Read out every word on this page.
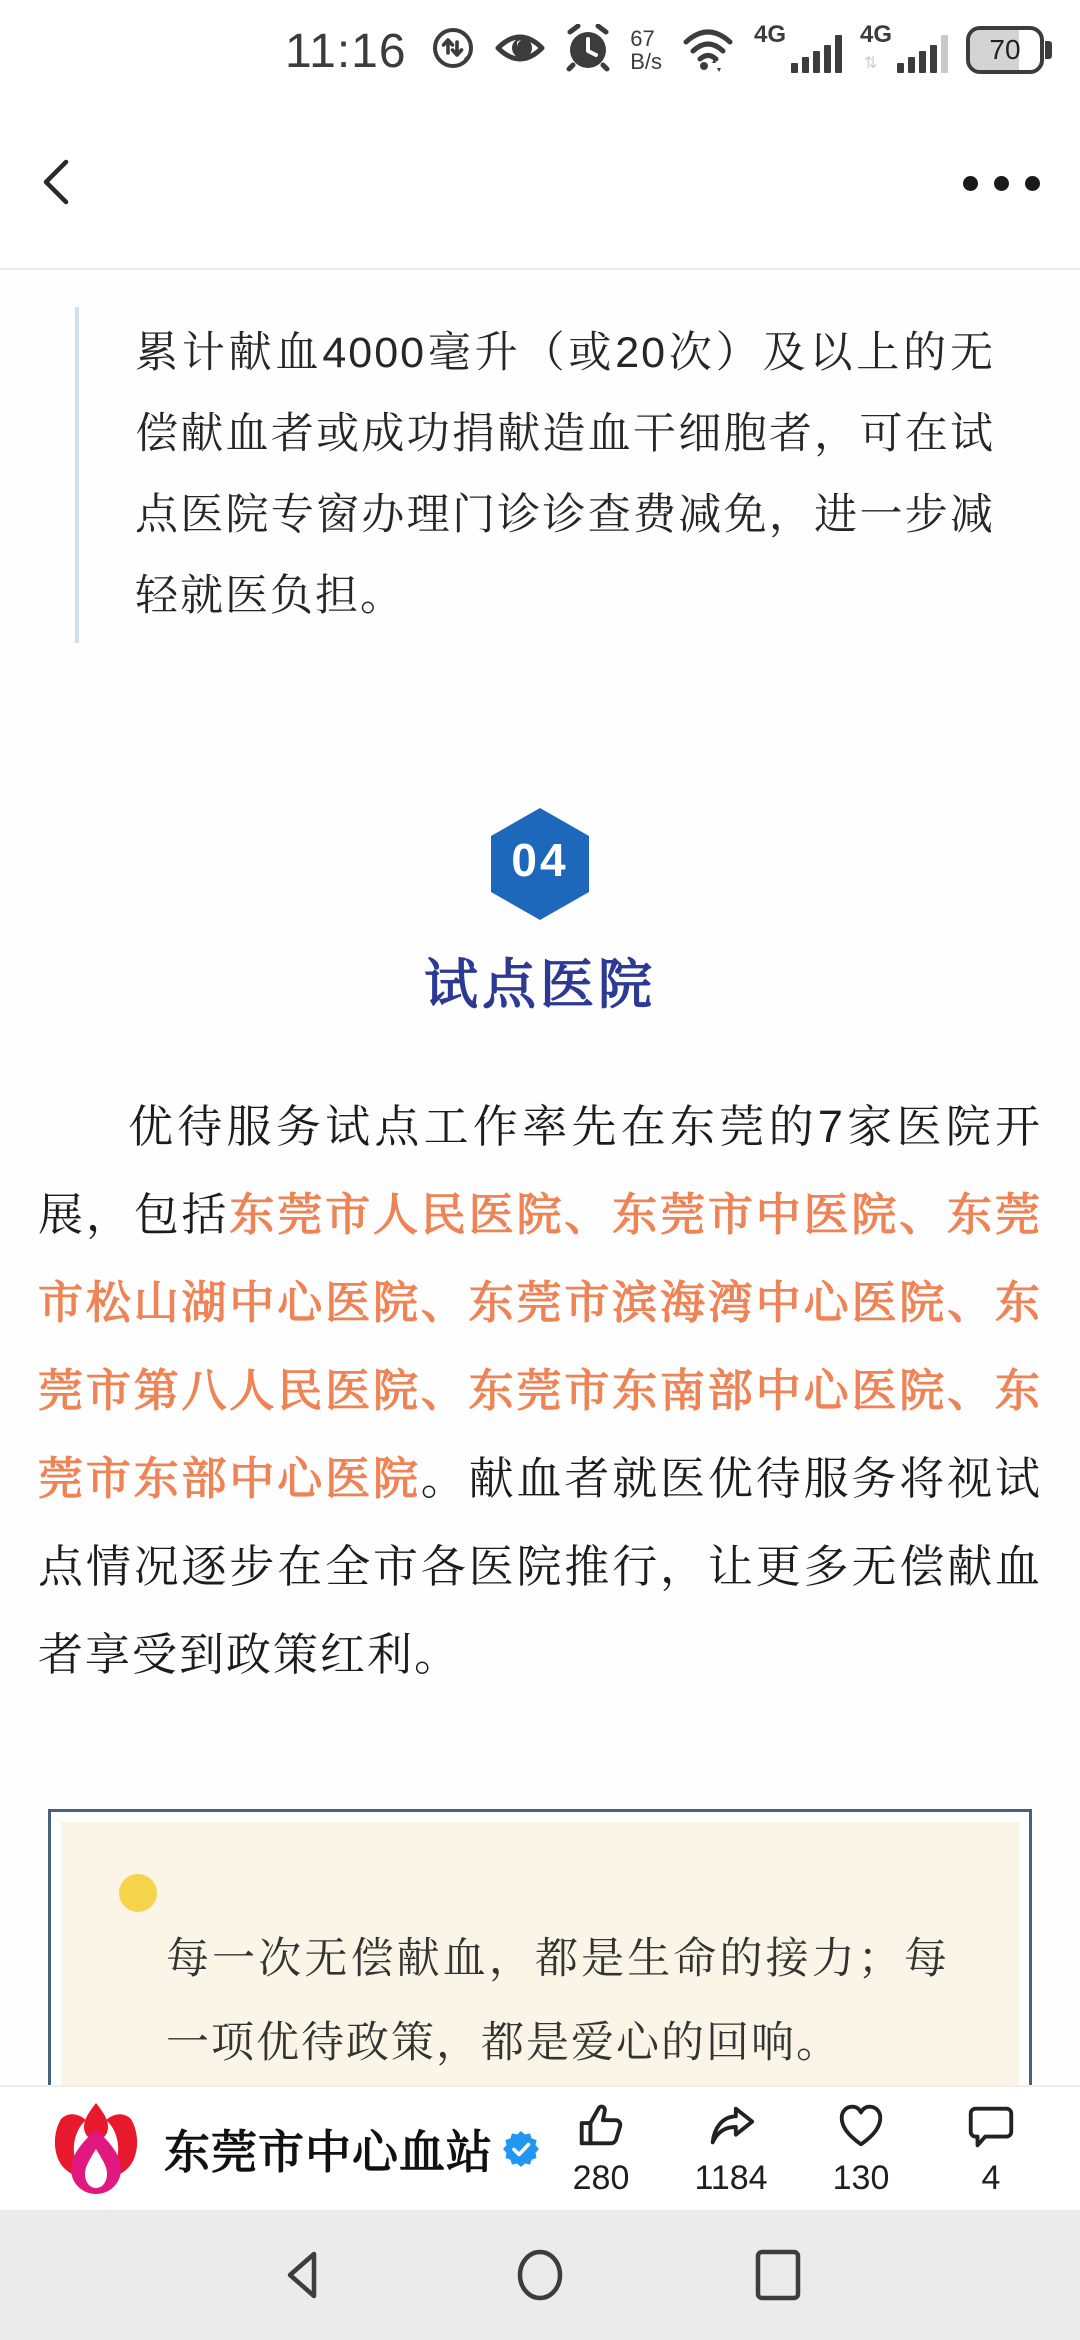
11:16	67
B/s
4G	4G
⇅	70
累计献血4000毫升（或20次）及以上的无偿献血者或成功捐献造血干细胞者，可在试点医院专窗办理门诊诊查费减免，进一步减轻就医负担。
04
试点医院
优待服务试点工作率先在东莞的7家医院开展，包括东莞市人民医院、东莞市中医院、东莞市松山湖中心医院、东莞市滨海湾中心医院、东莞市第八人民医院、东莞市东南部中心医院、东莞市东部中心医院。献血者就医优待服务将视试点情况逐步在全市各医院推行，让更多无偿献血者享受到政策红利。
每一次无偿献血，都是生命的接力；每一项优待政策，都是爱心的回响。
东莞市中心血站
280 1184 130	4
